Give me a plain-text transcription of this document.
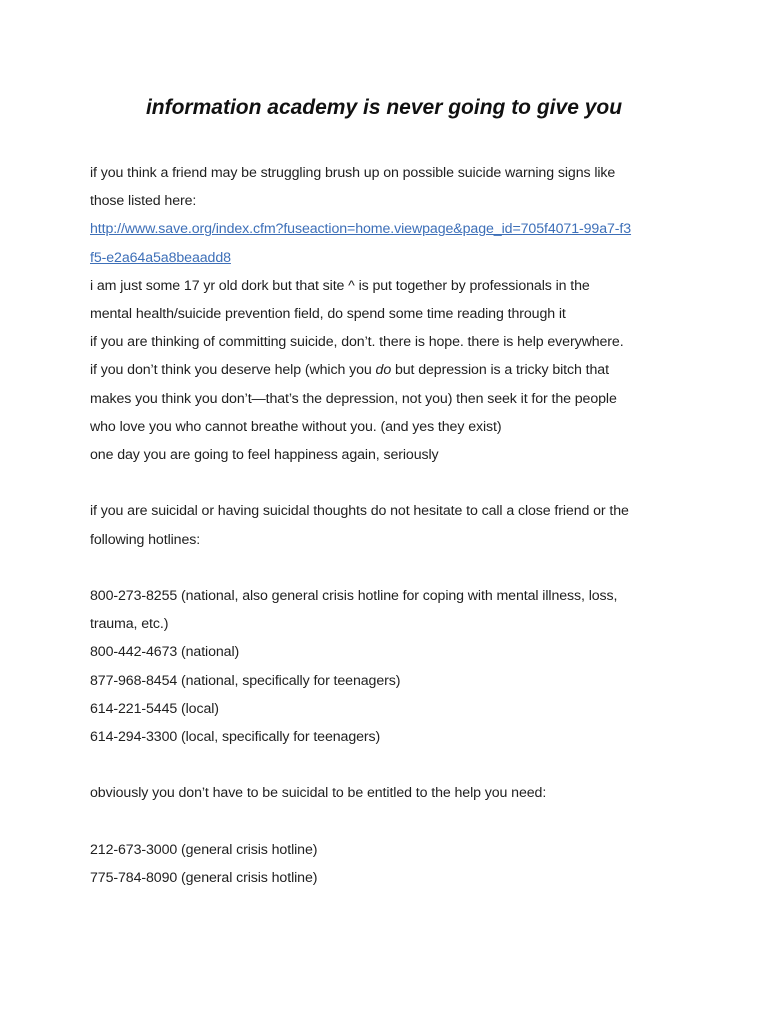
information academy is never going to give you
if you think a friend may be struggling brush up on possible suicide warning signs like
those listed here:
http://www.save.org/index.cfm?fuseaction=home.viewpage&page_id=705f4071-99a7-f3
f5-e2a64a5a8beaadd8
i am just some 17 yr old dork but that site ^ is put together by professionals in the
mental health/suicide prevention field, do spend some time reading through it
if you are thinking of committing suicide, don’t. there is hope. there is help everywhere.
if you don’t think you deserve help (which you do but depression is a tricky bitch that
makes you think you don’t—that’s the depression, not you) then seek it for the people
who love you who cannot breathe without you. (and yes they exist)
one day you are going to feel happiness again, seriously
if you are suicidal or having suicidal thoughts do not hesitate to call a close friend or the
following hotlines:
800-273-8255 (national, also general crisis hotline for coping with mental illness, loss,
trauma, etc.)
800-442-4673 (national)
877-968-8454 (national, specifically for teenagers)
614-221-5445 (local)
614-294-3300 (local, specifically for teenagers)
obviously you don’t have to be suicidal to be entitled to the help you need:
212-673-3000 (general crisis hotline)
775-784-8090 (general crisis hotline)
